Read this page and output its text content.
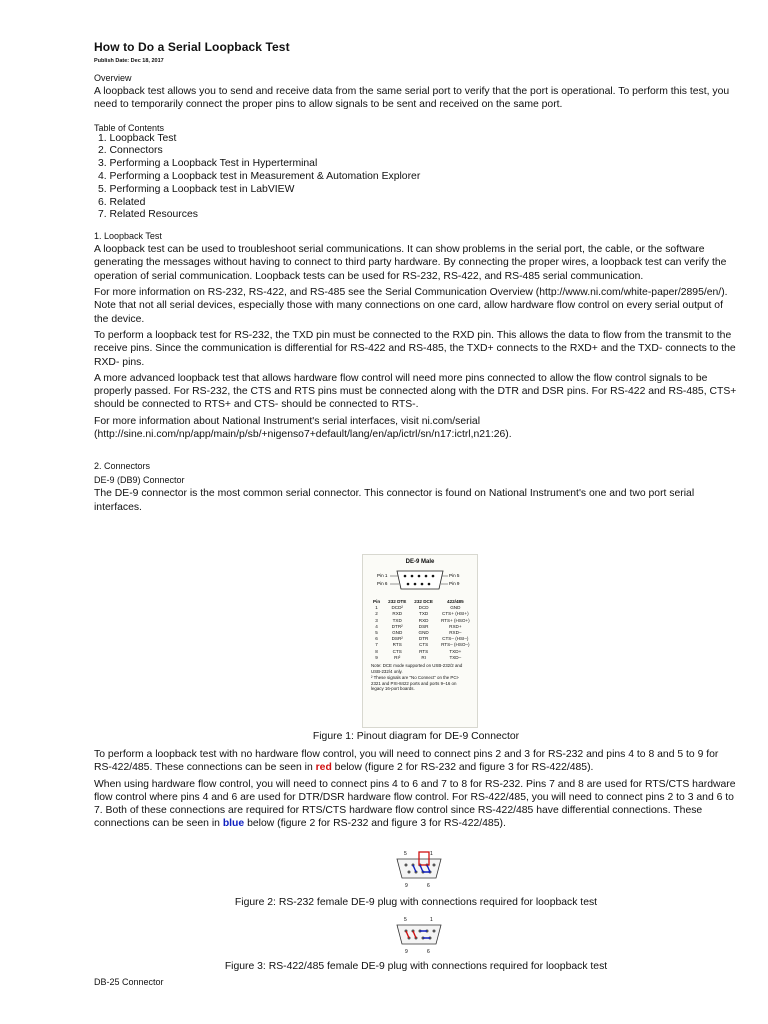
How to Do a Serial Loopback Test
Publish Date: Dec 18, 2017
Overview

A loopback test allows you to send and receive data from the same serial port to verify that the port is operational. To perform this test, you need to temporarily connect the proper pins to allow signals to be sent and received on the same port.

Table of Contents
1. Loopback Test
2. Connectors
3. Performing a Loopback Test in Hyperterminal
4. Performing a Loopback test in Measurement & Automation Explorer
5. Performing a Loopback test in LabVIEW
6. Related
7. Related Resources
1. Loopback Test

A loopback test can be used to troubleshoot serial communications. It can show problems in the serial port, the cable, or the software generating the messages without having to connect to third party hardware. By connecting the proper wires, a loopback test can verify the operation of serial communication. Loopback tests can be used for RS-232, RS-422, and RS-485 serial communication.

For more information on RS-232, RS-422, and RS-485 see the Serial Communication Overview (http://www.ni.com/white-paper/2895/en/). Note that not all serial devices, especially those with many connections on one card, allow hardware flow control on every serial output of the device.

To perform a loopback test for RS-232, the TXD pin must be connected to the RXD pin. This allows the data to flow from the transmit to the receive pins. Since the communication is differential for RS-422 and RS-485, the TXD+ connects to the RXD+ and the TXD- connects to the RXD- pins.

A more advanced loopback test that allows hardware flow control will need more pins connected to allow the flow control signals to be properly passed. For RS-232, the CTS and RTS pins must be connected along with the DTR and DSR pins. For RS-422 and RS-485, CTS+ should be connected to RTS+ and CTS- should be connected to RTS-.

For more information about National Instrument's serial interfaces, visit ni.com/serial (http://sine.ni.com/np/app/main/p/sb/+nigenso7+default/lang/en/ap/ictrl/sn/n17:ictrl,n21:26).

2. Connectors
DE-9 (DB9) Connector

The DE-9 connector is the most common serial connector. This connector is found on National Instrument's one and two port serial interfaces.

DE-9 Male
Pin 1
Pin 6
Pin 5
Pin 9
Pin	232 DTE	232 DCE	422/485
1	DCD²	DCD	GND
2	RXD	TXD	CTS+ (HSI+)
3	TXD	RXD	RTS+ (HSO+)
4	DTR²	DSR	RXD+
5	GND	GND	RXD–
6	DSR²	DTR	CTS– (HSI–)
7	RTS	CTS	RTS– (HSO–)
8	CTS	RTS	TXD+
9	RI²	RI	TXD–
Note: DCE mode supported on USB-232/2 and USB-232/4 only.
² These signals are "No Connect" on the PCI-2321 and PXI-8422 ports and ports 9–16 on legacy 16-port boards.

Figure 1: Pinout diagram for DE-9 Connector

To perform a loopback test with no hardware flow control, you will need to connect pins 2 and 3 for RS-232 and pins 4 to 8 and 5 to 9 for RS-422/485. These connections can be seen in red below (figure 2 for RS-232 and figure 3 for RS-422/485).

When using hardware flow control, you will need to connect pins 4 to 6 and 7 to 8 for RS-232. Pins 7 and 8 are used for RTS/CTS hardware flow control where pins 4 and 6 are used for DTR/DSR hardware flow control. For RS-422/485, you will need to connect pins 2 to 3 and 6 to 7. Both of these connections are required for RTS/CTS hardware flow control since RS-422/485 have differential connections. These connections can be seen in blue below (figure 2 for RS-232 and figure 3 for RS-422/485).

5	1
9	6

Figure 2: RS-232 female DE-9 plug with connections required for loopback test

5	1
9	6

Figure 3: RS-422/485 female DE-9 plug with connections required for loopback test

DB-25 Connector
